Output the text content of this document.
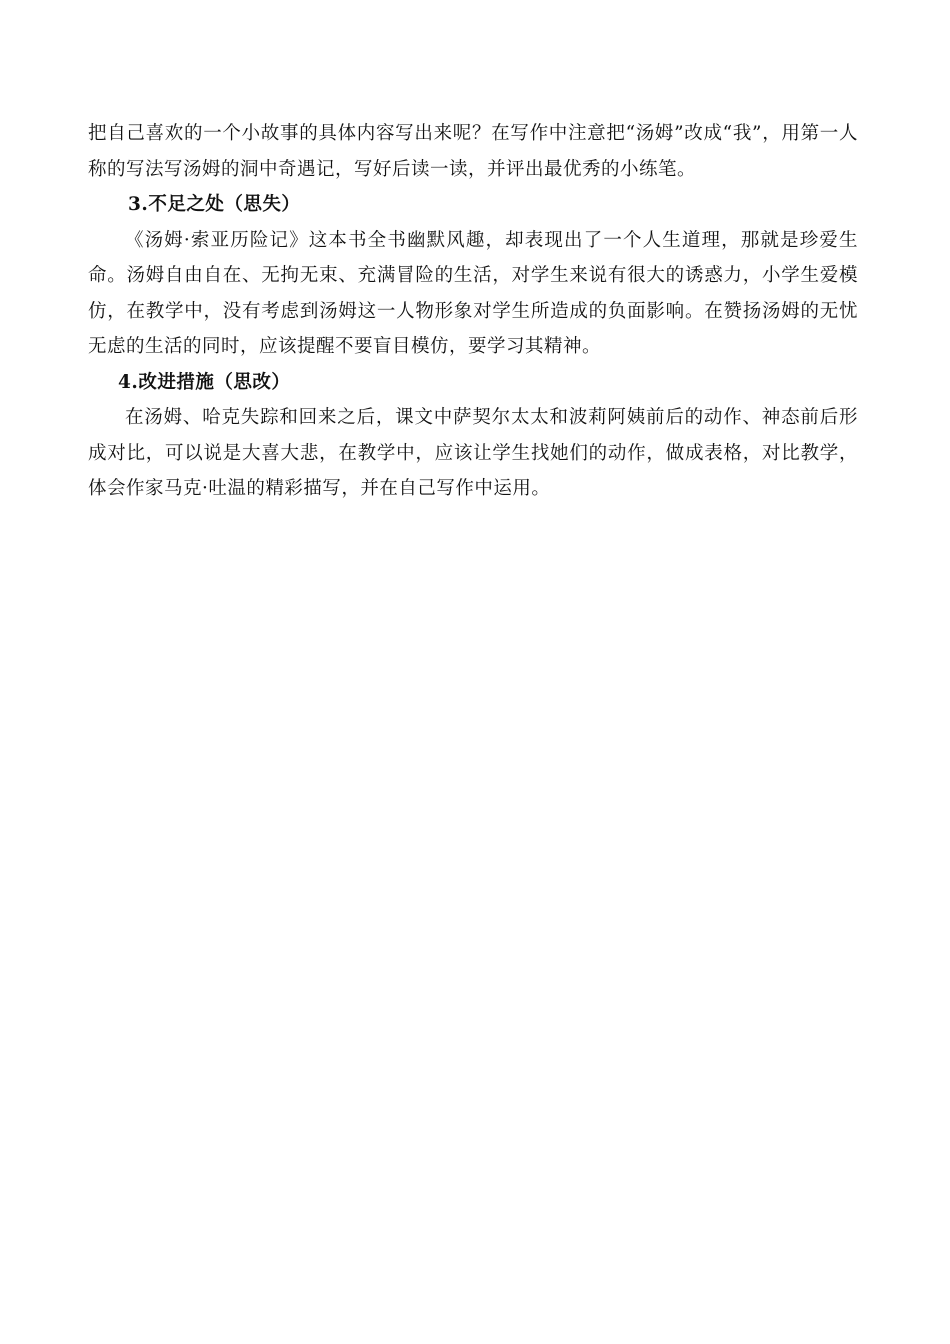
把自己喜欢的一个小故事的具体内容写出来呢？在写作中注意把“汤姆”改成“我”，用第一人称的写法写汤姆的洞中奇遇记，写好后读一读，并评出最优秀的小练笔。

3.不足之处（思失）

《汤姆·索亚历险记》这本书全书幽默风趣，却表现出了一个人生道理，那就是珍爱生命。汤姆自由自在、无拘无束、充满冒险的生活，对学生来说有很大的诱惑力，小学生爱模仿，在教学中，没有考虑到汤姆这一人物形象对学生所造成的负面影响。在赞扬汤姆的无忧无虑的生活的同时，应该提醒不要盲目模仿，要学习其精神。

4.改进措施（思改）

在汤姆、哈克失踪和回来之后，课文中萨契尔太太和波莉阿姨前后的动作、神态前后形成对比，可以说是大喜大悲，在教学中，应该让学生找她们的动作，做成表格，对比教学，体会作家马克·吐温的精彩描写，并在自己写作中运用。
